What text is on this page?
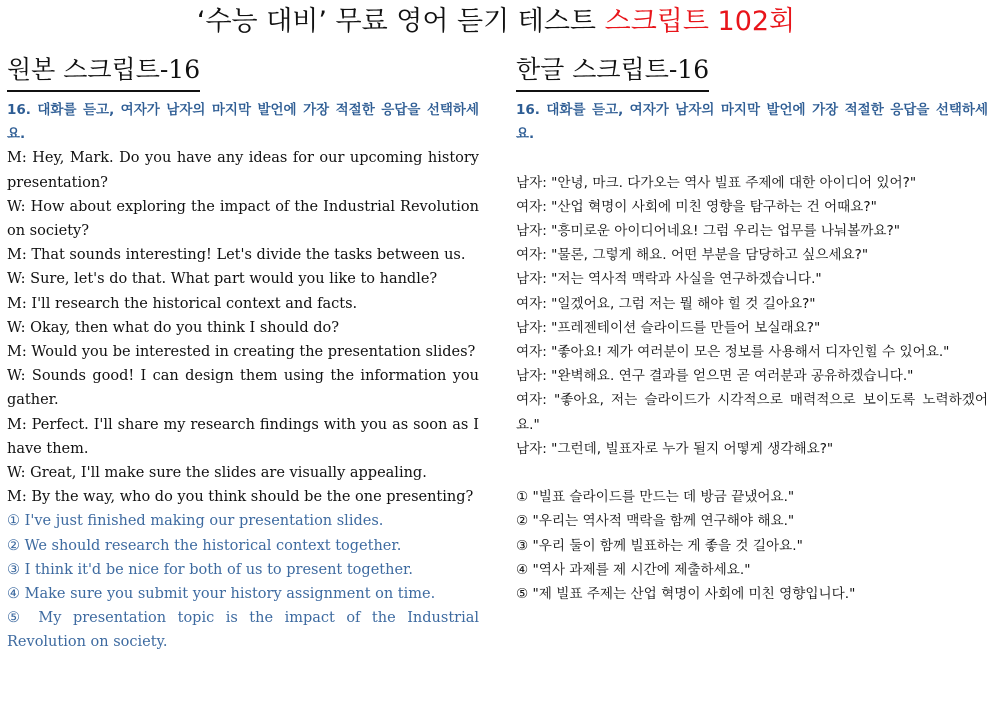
‘수능 대비’ 무료 영어 듣기 테스트 스크립트 102회
원본 스크립트-16
16. 대화를 듣고, 여자가 남자의 마지막 발언에 가장 적절한 응답을 선택하세요.
M: Hey, Mark. Do you have any ideas for our upcoming history presentation?
W: How about exploring the impact of the Industrial Revolution on society?
M: That sounds interesting! Let's divide the tasks between us.
W: Sure, let's do that. What part would you like to handle?
M: I'll research the historical context and facts.
W: Okay, then what do you think I should do?
M: Would you be interested in creating the presentation slides?
W: Sounds good! I can design them using the information you gather.
M: Perfect. I'll share my research findings with you as soon as I have them.
W: Great, I'll make sure the slides are visually appealing.
M: By the way, who do you think should be the one presenting?
① I've just finished making our presentation slides.
② We should research the historical context together.
③ I think it'd be nice for both of us to present together.
④ Make sure you submit your history assignment on time.
⑤ My presentation topic is the impact of the Industrial Revolution on society.
한글 스크립트-16
16. 대화를 듣고, 여자가 남자의 마지막 발언에 가장 적절한 응답을 선택하세요.
남자: "안녕, 마크. 다가오는 역사 빌표 주제에 대한 아이디어 있어?"
여자: "산업 혁명이 사회에 미친 영향을 탐구하는 건 어때요?"
남자: "흥미로운 아이디어네요! 그럼 우리는 업무를 나눠볼까요?"
여자: "물론, 그렇게 해요. 어떤 부분을 담당하고 싶으세요?"
남자: "저는 역사적 맥락과 사실을 연구하겠습니다."
여자: "일겠어요, 그럼 저는 뭘 해야 힐 것 길아요?"
남자: "프레젠테이션 슬라이드를 만들어 보실래요?"
여자: "좋아요! 제가 여러분이 모은 정보를 사용해서 디자인힐 수 있어요."
남자: "완벽해요. 연구 결과를 얻으면 곧 여러분과 공유하겠습니다."
여자: "좋아요, 저는 슬라이드가 시각적으로 매력적으로 보이도록 노력하겠어요."
남자: "그런데, 빌표자로 누가 될지 어떻게 생각해요?"
① "빌표 슬라이드를 만드는 데 방금 끝냈어요."
② "우리는 역사적 맥락을 함께 연구해야 해요."
③ "우리 둘이 함께 빌표하는 게 좋을 것 길아요."
④ "역사 과제를 제 시간에 제출하세요."
⑤ "제 빌표 주제는 산업 혁명이 사회에 미친 영향입니다."
